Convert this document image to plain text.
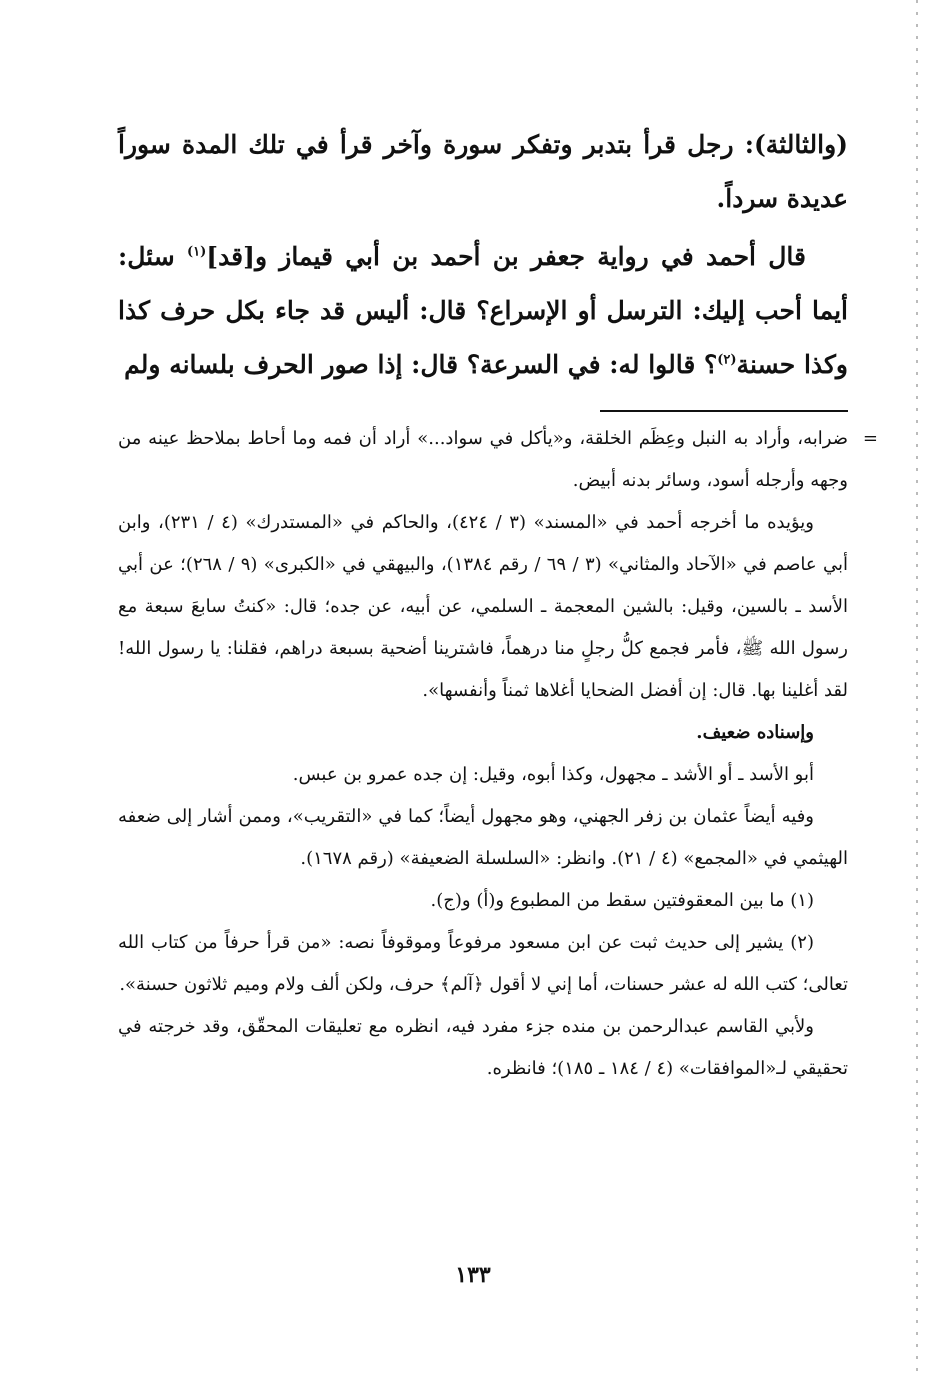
(والثالثة): رجل قرأ بتدبر وتفكر سورة وآخر قرأ في تلك المدة سوراً عديدة سرداً.

قال أحمد في رواية جعفر بن أحمد بن أبي قيماز و[قد]$^{(١)}$ سئل: أيما أحب إليك: الترسل أو الإسراع؟ قال: أليس قد جاء بكل حرف كذا وكذا حسنة$^{(٢)}$؟ قالوا له: في السرعة؟ قال: إذا صور الحرف بلسانه ولم

= ضرابه، وأراد به النبل وعِظَم الخلقة، و«يأكل في سواد...» أراد أن فمه وما أحاط بملاحظ عينه من وجهه وأرجله أسود، وسائر بدنه أبيض.

ويؤيده ما أخرجه أحمد في «المسند» (٣ / ٤٢٤)، والحاكم في «المستدرك» (٤ / ٢٣١)، وابن أبي عاصم في «الآحاد والمثاني» (٣ / ٦٩ / رقم ١٣٨٤)، والبيهقي في «الكبرى» (٩ / ٢٦٨)؛ عن أبي الأسد ـ بالسين، وقيل: بالشين المعجمة ـ السلمي، عن أبيه، عن جده؛ قال: «كنتُ سابعَ سبعة مع رسول الله ﷺ، فأمر فجمع كلُّ رجلٍ منا درهماً، فاشترينا أضحية بسبعة دراهم، فقلنا: يا رسول الله! لقد أغلينا بها. قال: إن أفضل الضحايا أغلاها ثمناً وأنفسها».

وإسناده ضعيف.

أبو الأسد ـ أو الأشد ـ مجهول، وكذا أبوه، وقيل: إن جده عمرو بن عبس.

وفيه أيضاً عثمان بن زفر الجهني، وهو مجهول أيضاً؛ كما في «التقريب»، وممن أشار إلى ضعفه الهيثمي في «المجمع» (٤ / ٢١). وانظر: «السلسلة الضعيفة» (رقم ١٦٧٨).

(١) ما بين المعقوفتين سقط من المطبوع و(أ) و(ج).

(٢) يشير إلى حديث ثبت عن ابن مسعود مرفوعاً وموقوفاً نصه: «من قرأ حرفاً من كتاب الله تعالى؛ كتب الله له عشر حسنات، أما إني لا أقول ﴿آلم﴾ حرف، ولكن ألف ولام وميم ثلاثون حسنة».

ولأبي القاسم عبدالرحمن بن منده جزء مفرد فيه، انظره مع تعليقات المحقّق، وقد خرجته في تحقيقي لـ«الموافقات» (٤ / ١٨٤ ـ ١٨٥)؛ فانظره.

١٣٣
